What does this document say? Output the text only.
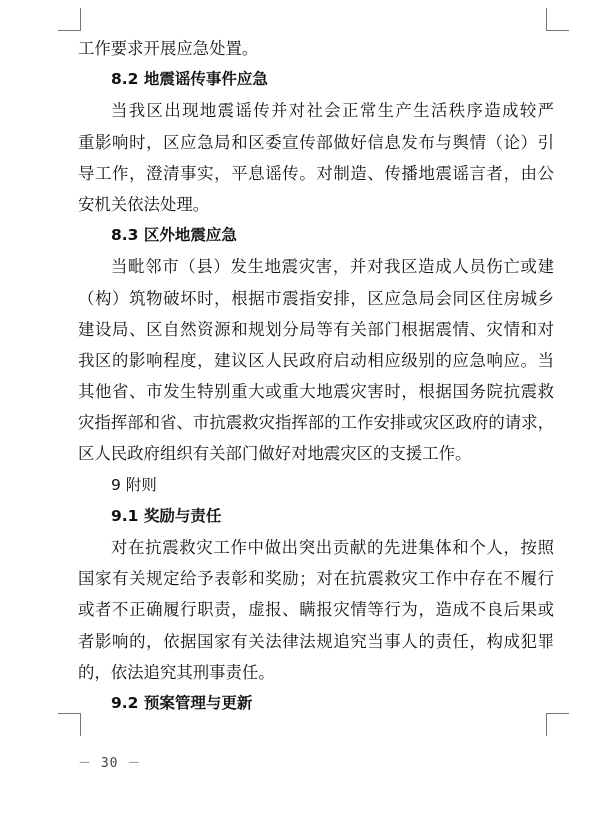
工作要求开展应急处置。
8.2 地震谣传事件应急
当我区出现地震谣传并对社会正常生产生活秩序造成较严
重影响时，区应急局和区委宣传部做好信息发布与舆情（论）引
导工作，澄清事实，平息谣传。对制造、传播地震谣言者，由公
安机关依法处理。
8.3 区外地震应急
当毗邻市（县）发生地震灾害，并对我区造成人员伤亡或建
（构）筑物破坏时，根据市震指安排，区应急局会同区住房城乡
建设局、区自然资源和规划分局等有关部门根据震情、灾情和对
我区的影响程度，建议区人民政府启动相应级别的应急响应。当
其他省、市发生特别重大或重大地震灾害时，根据国务院抗震救
灾指挥部和省、市抗震救灾指挥部的工作安排或灾区政府的请求，
区人民政府组织有关部门做好对地震灾区的支援工作。
9 附则
9.1 奖励与责任
对在抗震救灾工作中做出突出贡献的先进集体和个人，按照
国家有关规定给予表彰和奖励；对在抗震救灾工作中存在不履行
或者不正确履行职责，虚报、瞒报灾情等行为，造成不良后果或
者影响的，依据国家有关法律法规追究当事人的责任，构成犯罪
的，依法追究其刑事责任。
9.2 预案管理与更新
－ 30 －
